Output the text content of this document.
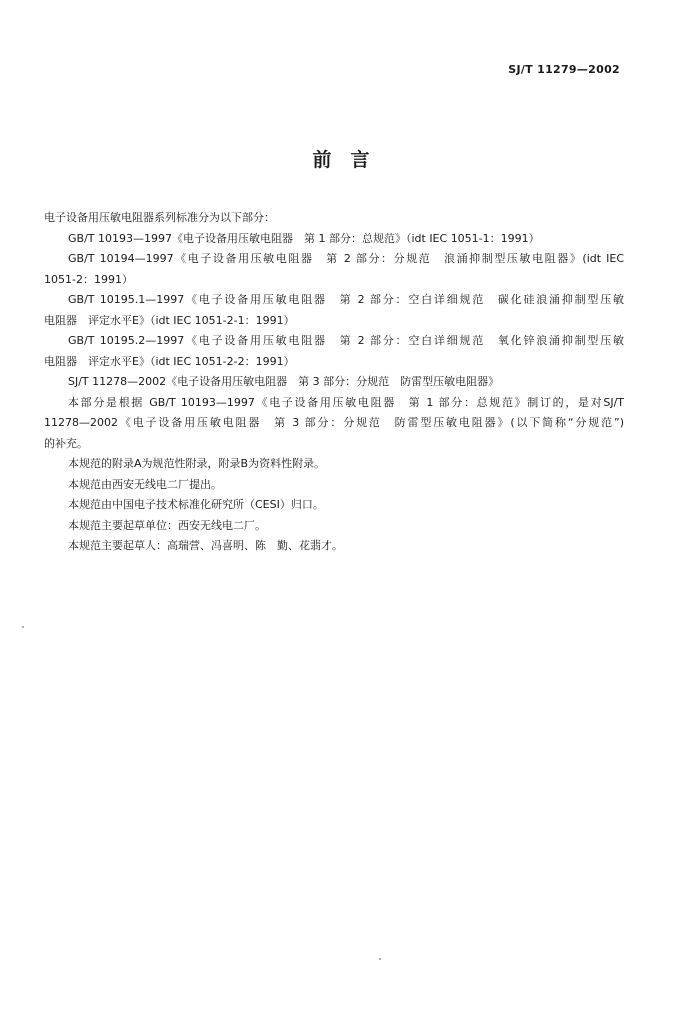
SJ/T 11279—2002
前　言
电子设备用压敏电阻器系列标准分为以下部分：
GB/T 10193—1997《电子设备用压敏电阻器　第 1 部分：总规范》（idt IEC 1051-1：1991）
GB/T 10194—1997《电子设备用压敏电阻器　第 2 部分：分规范　浪涌抑制型压敏电阻器》(idt IEC
1051-2：1991）
GB/T 10195.1—1997《电子设备用压敏电阻器　第 2 部分：空白详细规范　碳化硅浪涌抑制型压敏
电阻器　评定水平E》（idt IEC 1051-2-1：1991）
GB/T 10195.2—1997《电子设备用压敏电阻器　第 2 部分：空白详细规范　氧化锌浪涌抑制型压敏
电阻器　评定水平E》（idt IEC 1051-2-2：1991）
SJ/T 11278—2002《电子设备用压敏电阻器　第 3 部分：分规范　防雷型压敏电阻器》
本部分是根据 GB/T 10193—1997《电子设备用压敏电阻器　第 1 部分：总规范》制订的，是对SJ/T
11278—2002《电子设备用压敏电阻器　第 3 部分：分规范　防雷型压敏电阻器》(以下简称“分规范”)
的补充。
本规范的附录A为规范性附录，附录B为资料性附录。
本规范由西安无线电二厂提出。
本规范由中国电子技术标准化研究所（CESI）归口。
本规范主要起草单位：西安无线电二厂。
本规范主要起草人：高瑞营、冯喜明、陈　勤、花翡才。
